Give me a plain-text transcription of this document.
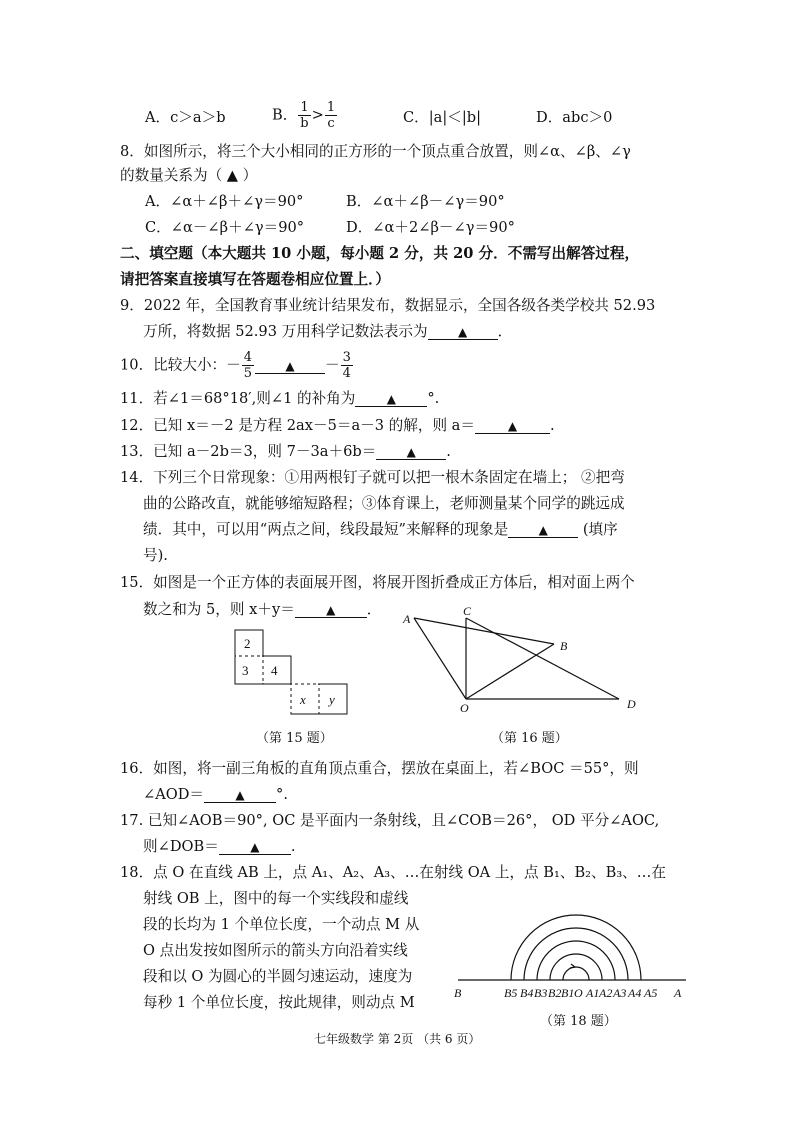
A．c＞a＞b	B． $\frac{1}{b} > \frac{1}{c}$	C．|a|＜|b|	D．abc＞0
8．如图所示，将三个大小相同的正方形的一个顶点重合放置，则∠α、∠β、∠γ
的数量关系为（ ▲ ）
A．∠α＋∠β＋∠γ＝90°	B．∠α＋∠β－∠γ＝90°
C．∠α－∠β＋∠γ＝90°	D．∠α＋2∠β－∠γ＝90°
二、填空题（本大题共 10 小题，每小题 2 分，共 20 分．不需写出解答过程，
请把答案直接填写在答题卷相应位置上．）
9．2022 年，全国教育事业统计结果发布，数据显示，全国各级各类学校共 52.93
万所，将数据 52.93 万用科学记数法表示为	▲ ．
10．比较大小：－ $\frac{4}{5}$	▲ － $\frac{3}{4}$
11．若∠1＝68°18′,则∠1 的补角为	▲ °.
12．已知 x＝－2 是方程 2ax－5＝a－3 的解，则 a＝	▲ .
13．已知 a－2b＝3，则 7－3a＋6b＝	▲ .
14．下列三个日常现象：①用两根钉子就可以把一根木条固定在墙上； ②把弯
曲的公路改直，就能够缩短路程；③体育课上，老师测量某个同学的跳远成
绩．其中，可以用“两点之间，线段最短”来解释的现象是	▲ (填序
号).
15．如图是一个正方体的表面展开图，将展开图折叠成正方体后，相对面上两个
数之和为 5，则 x＋y＝	▲ ．
2
3 4
x y
（第 15 题）
A
C
B
O	D
（第 16 题）
16．如图，将一副三角板的直角顶点重合，摆放在桌面上，若∠BOC ＝55°，则
∠AOD＝	▲ °.
17. 已知∠AOB＝90°, OC 是平面内一条射线，且∠COB＝26°， OD 平分∠AOC,
则∠DOB＝	▲ .
18．点 O 在直线 AB 上，点 A₁、A₂、A₃、…在射线 OA 上，点 B₁、B₂、B₃、…在
射线 OB 上，图中的每一个实线段和虚线
段的长均为 1 个单位长度，一个动点 M 从
O 点出发按如图所示的箭头方向沿着实线
段和以 O 为圆心的半圆匀速运动，速度为
每秒 1 个单位长度，按此规律，则动点 M
B	B5 B4 B3 B2 B1 O A1 A2 A3 A4 A5 A
（第 18 题）
七年级数学 第 2页 （共 6 页）
